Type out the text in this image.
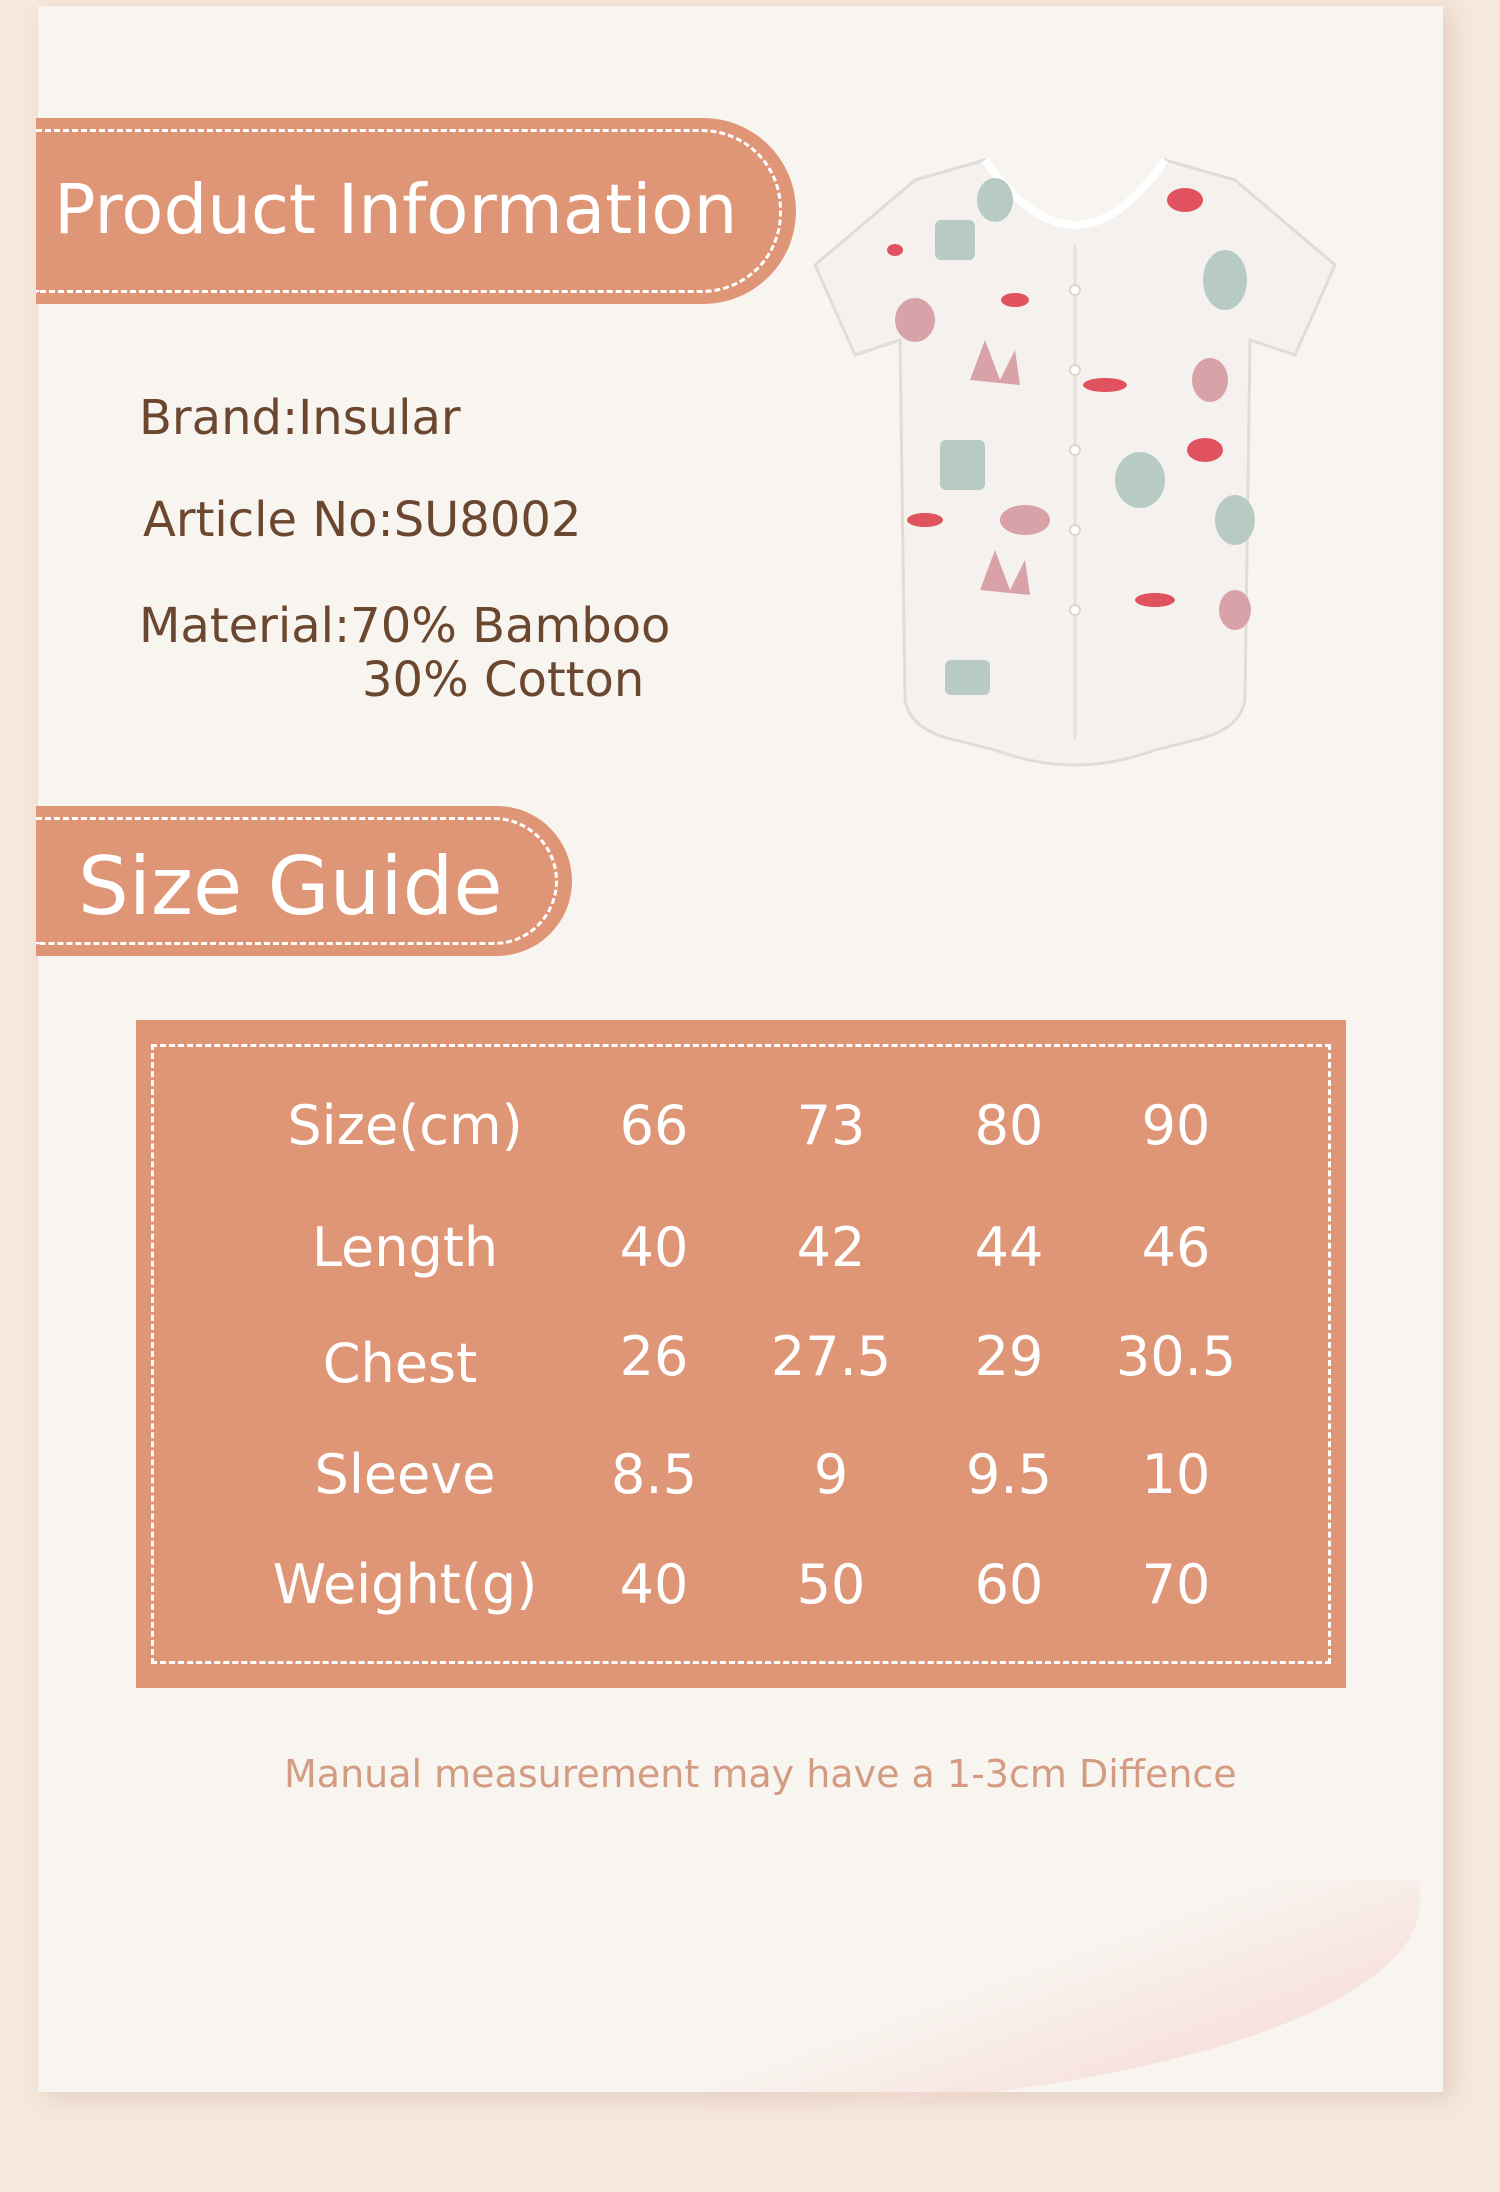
Product Information
Brand:Insular
Article No:SU8002
Material:70% Bamboo
30% Cotton
Size Guide
Size(cm) 66 73 80 90
Length 40 42 44 46
Chest	26 27.5 29 30.5
Sleeve 8.5 9 9.5 10
Weight(g) 40 50 60 70
Manual measurement may have a 1-3cm Diffence
